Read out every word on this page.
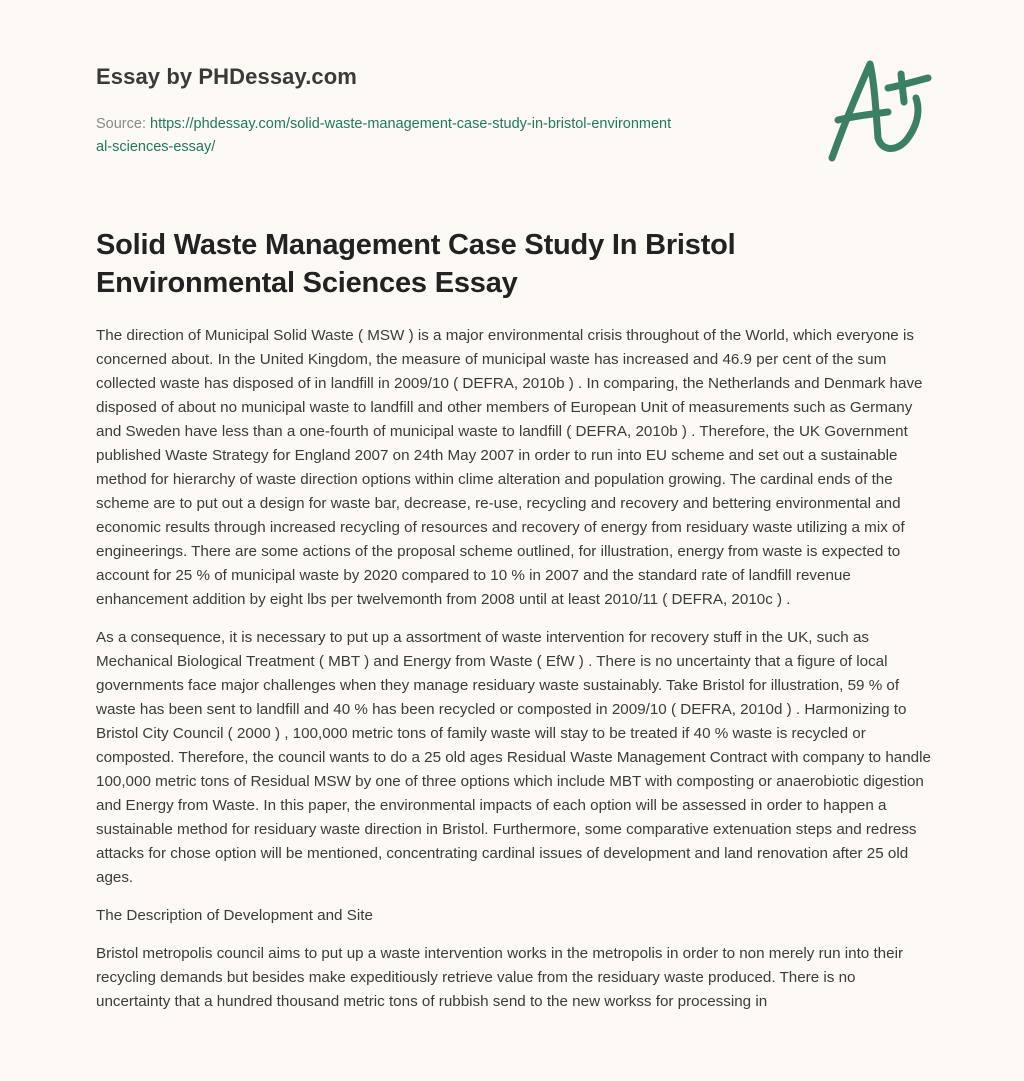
Essay by PHDessay.com
Source: https://phdessay.com/solid-waste-management-case-study-in-bristol-environmental-sciences-essay/
Solid Waste Management Case Study In Bristol Environmental Sciences Essay

The direction of Municipal Solid Waste ( MSW ) is a major environmental crisis throughout of the World, which everyone is concerned about. In the United Kingdom, the measure of municipal waste has increased and 46.9 per cent of the sum collected waste has disposed of in landfill in 2009/10 ( DEFRA, 2010b ) . In comparing, the Netherlands and Denmark have disposed of about no municipal waste to landfill and other members of European Unit of measurements such as Germany and Sweden have less than a one-fourth of municipal waste to landfill ( DEFRA, 2010b ) . Therefore, the UK Government published Waste Strategy for England 2007 on 24th May 2007 in order to run into EU scheme and set out a sustainable method for hierarchy of waste direction options within clime alteration and population growing. The cardinal ends of the scheme are to put out a design for waste bar, decrease, re-use, recycling and recovery and bettering environmental and economic results through increased recycling of resources and recovery of energy from residuary waste utilizing a mix of engineerings. There are some actions of the proposal scheme outlined, for illustration, energy from waste is expected to account for 25 % of municipal waste by 2020 compared to 10 % in 2007 and the standard rate of landfill revenue enhancement addition by eight lbs per twelvemonth from 2008 until at least 2010/11 ( DEFRA, 2010c ) .

As a consequence, it is necessary to put up a assortment of waste intervention for recovery stuff in the UK, such as Mechanical Biological Treatment ( MBT ) and Energy from Waste ( EfW ) . There is no uncertainty that a figure of local governments face major challenges when they manage residuary waste sustainably. Take Bristol for illustration, 59 % of waste has been sent to landfill and 40 % has been recycled or composted in 2009/10 ( DEFRA, 2010d ) . Harmonizing to Bristol City Council ( 2000 ) , 100,000 metric tons of family waste will stay to be treated if 40 % waste is recycled or composted. Therefore, the council wants to do a 25 old ages Residual Waste Management Contract with company to handle 100,000 metric tons of Residual MSW by one of three options which include MBT with composting or anaerobiotic digestion and Energy from Waste. In this paper, the environmental impacts of each option will be assessed in order to happen a sustainable method for residuary waste direction in Bristol. Furthermore, some comparative extenuation steps and redress attacks for chose option will be mentioned, concentrating cardinal issues of development and land renovation after 25 old ages.

The Description of Development and Site

Bristol metropolis council aims to put up a waste intervention works in the metropolis in order to non merely run into their recycling demands but besides make expeditiously retrieve value from the residuary waste produced. There is no uncertainty that a hundred thousand metric tons of rubbish send to the new workss for processing in
